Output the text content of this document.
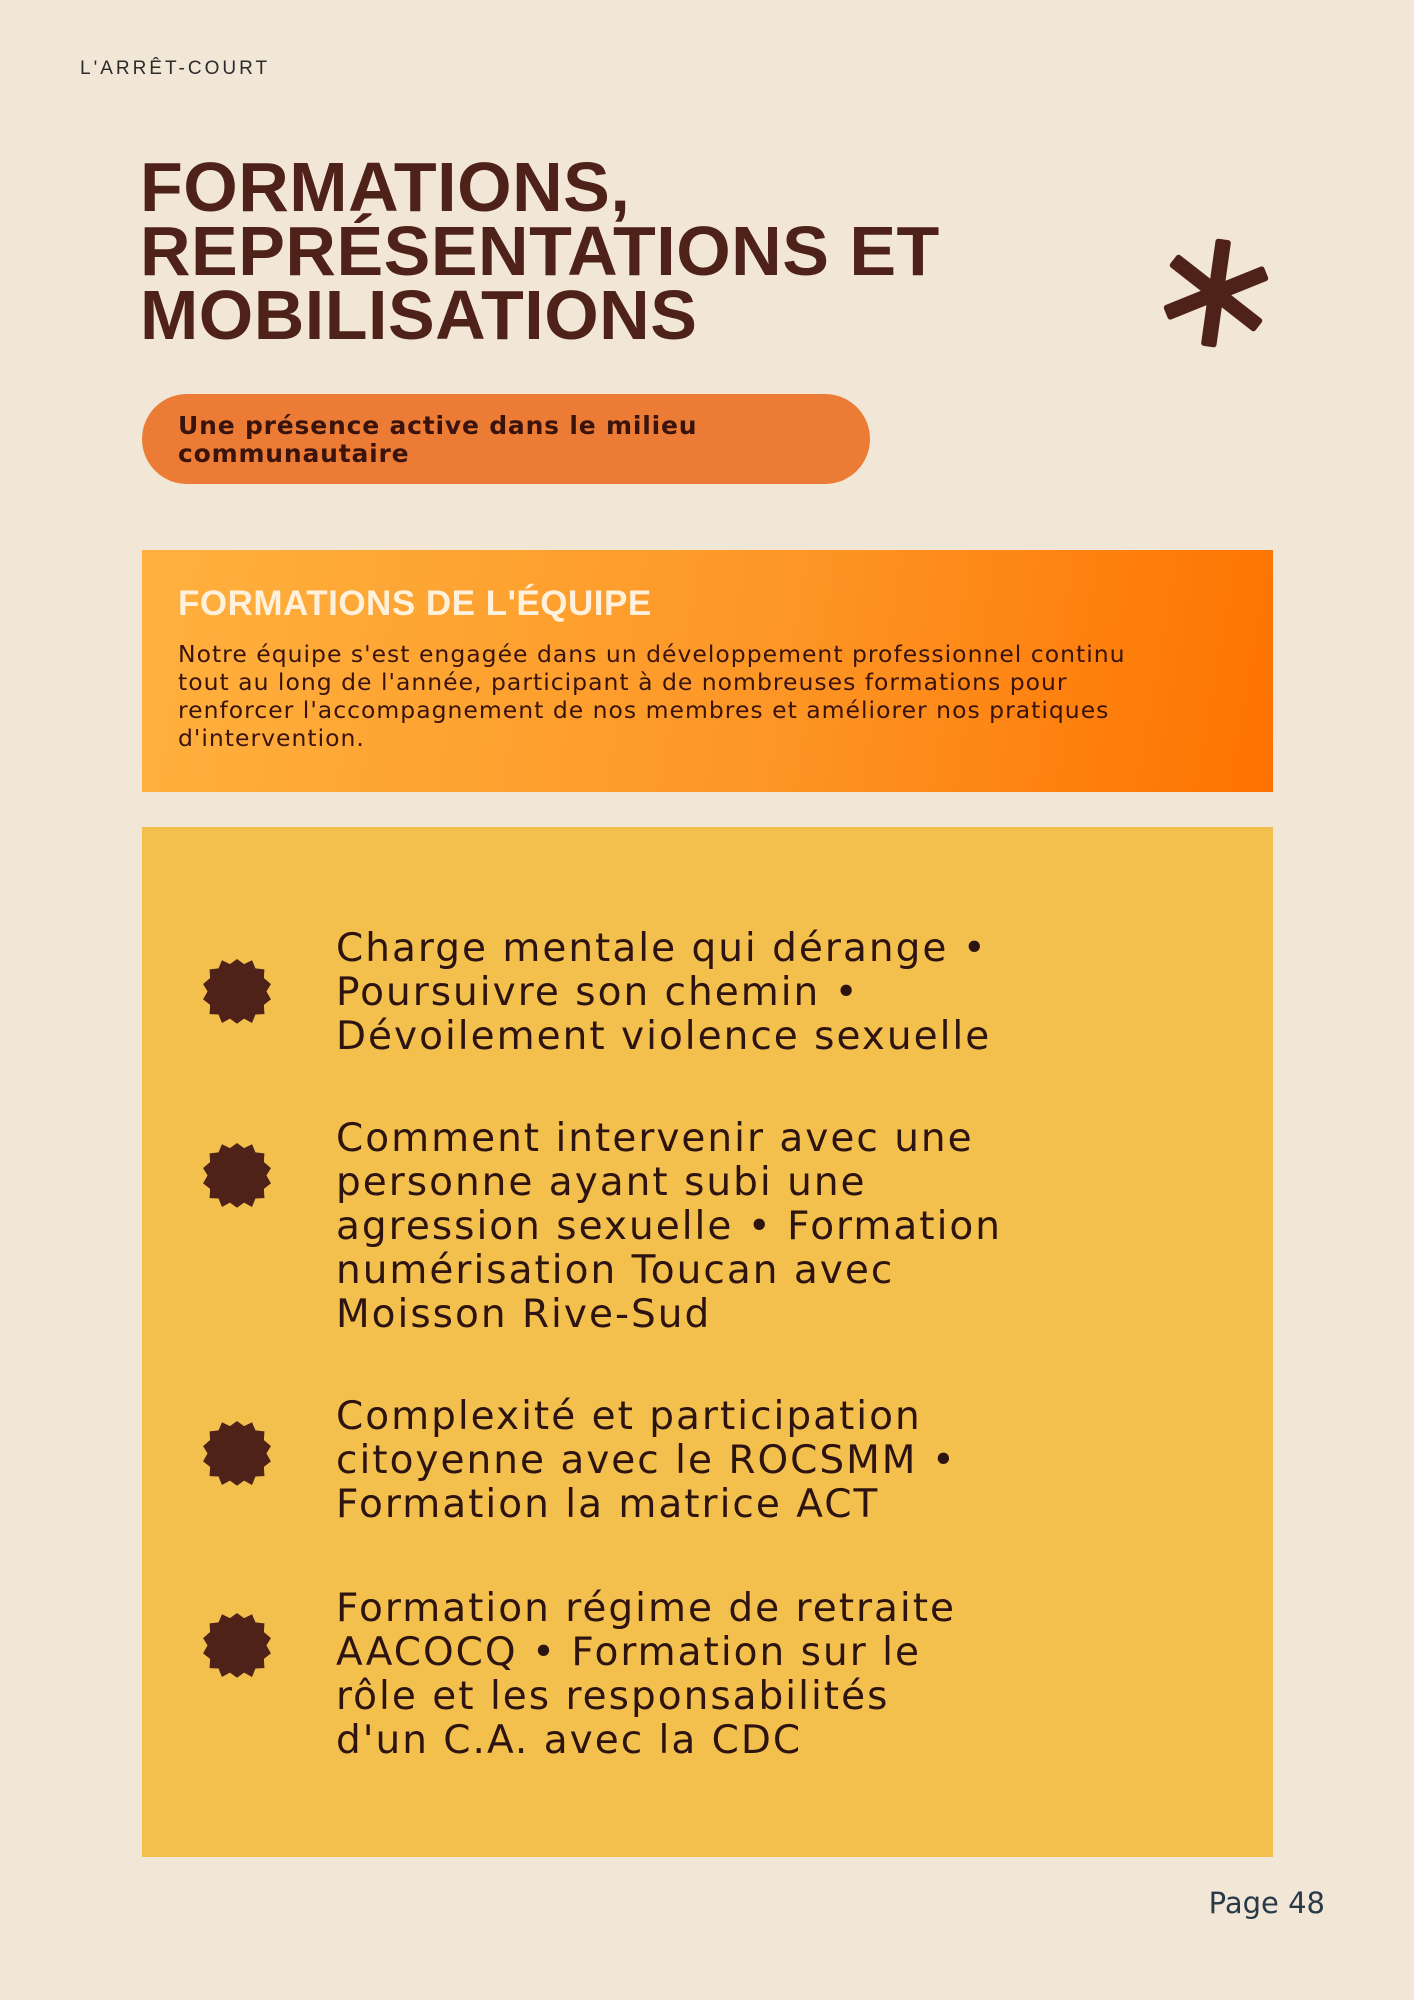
L'ARRÊT-COURT
FORMATIONS,
REPRÉSENTATIONS ET
MOBILISATIONS
Une présence active dans le milieu
communautaire
FORMATIONS DE L'ÉQUIPE

Notre équipe s'est engagée dans un développement professionnel continu
tout au long de l'année, participant à de nombreuses formations pour
renforcer l'accompagnement de nos membres et améliorer nos pratiques
d'intervention.

Charge mentale qui dérange •
Poursuivre son chemin •
Dévoilement violence sexuelle
Comment intervenir avec une
personne ayant subi une
agression sexuelle • Formation
numérisation Toucan avec
Moisson Rive-Sud
Complexité et participation
citoyenne avec le ROCSMM •
Formation la matrice ACT
Formation régime de retraite
AACOCQ • Formation sur le
rôle et les responsabilités
d'un C.A. avec la CDC
Page 48
